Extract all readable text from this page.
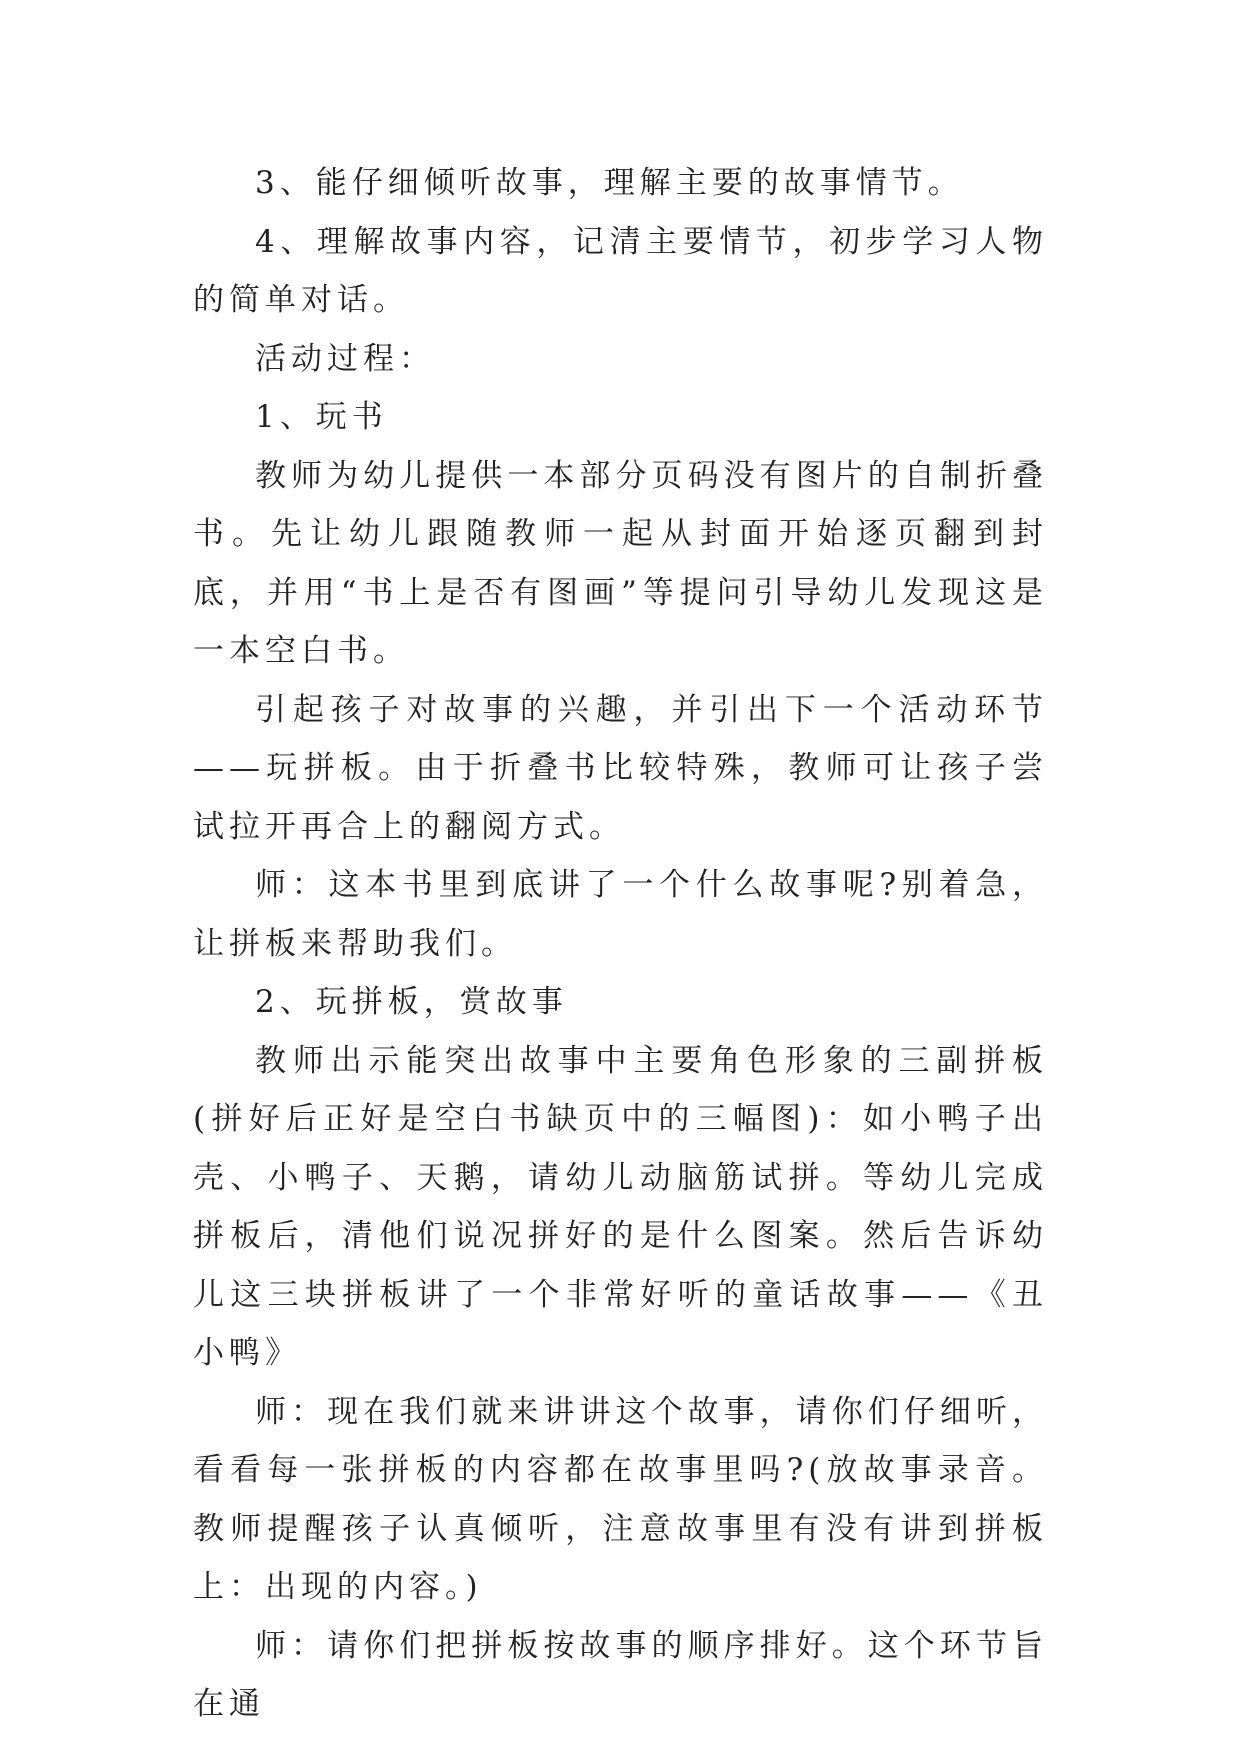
3、能仔细倾听故事，理解主要的故事情节。

4、理解故事内容，记清主要情节，初步学习人物的简单对话。

活动过程：

1、玩书

教师为幼儿提供一本部分页码没有图片的自制折叠书。先让幼儿跟随教师一起从封面开始逐页翻到封底，并用“书上是否有图画”等提问引导幼儿发现这是一本空白书。

引起孩子对故事的兴趣，并引出下一个活动环节——玩拼板。由于折叠书比较特殊，教师可让孩子尝试拉开再合上的翻阅方式。

师：这本书里到底讲了一个什么故事呢?别着急，让拼板来帮助我们。

2、玩拼板，赏故事

教师出示能突出故事中主要角色形象的三副拼板(拼好后正好是空白书缺页中的三幅图)：如小鸭子出壳、小鸭子、天鹅，请幼儿动脑筋试拼。等幼儿完成拼板后，清他们说况拼好的是什么图案。然后告诉幼儿这三块拼板讲了一个非常好听的童话故事——《丑小鸭》

师：现在我们就来讲讲这个故事，请你们仔细听，看看每一张拼板的内容都在故事里吗?(放故事录音。教师提醒孩子认真倾听，注意故事里有没有讲到拼板上：出现的内容。)

师：请你们把拼板按故事的顺序排好。这个环节旨在通
